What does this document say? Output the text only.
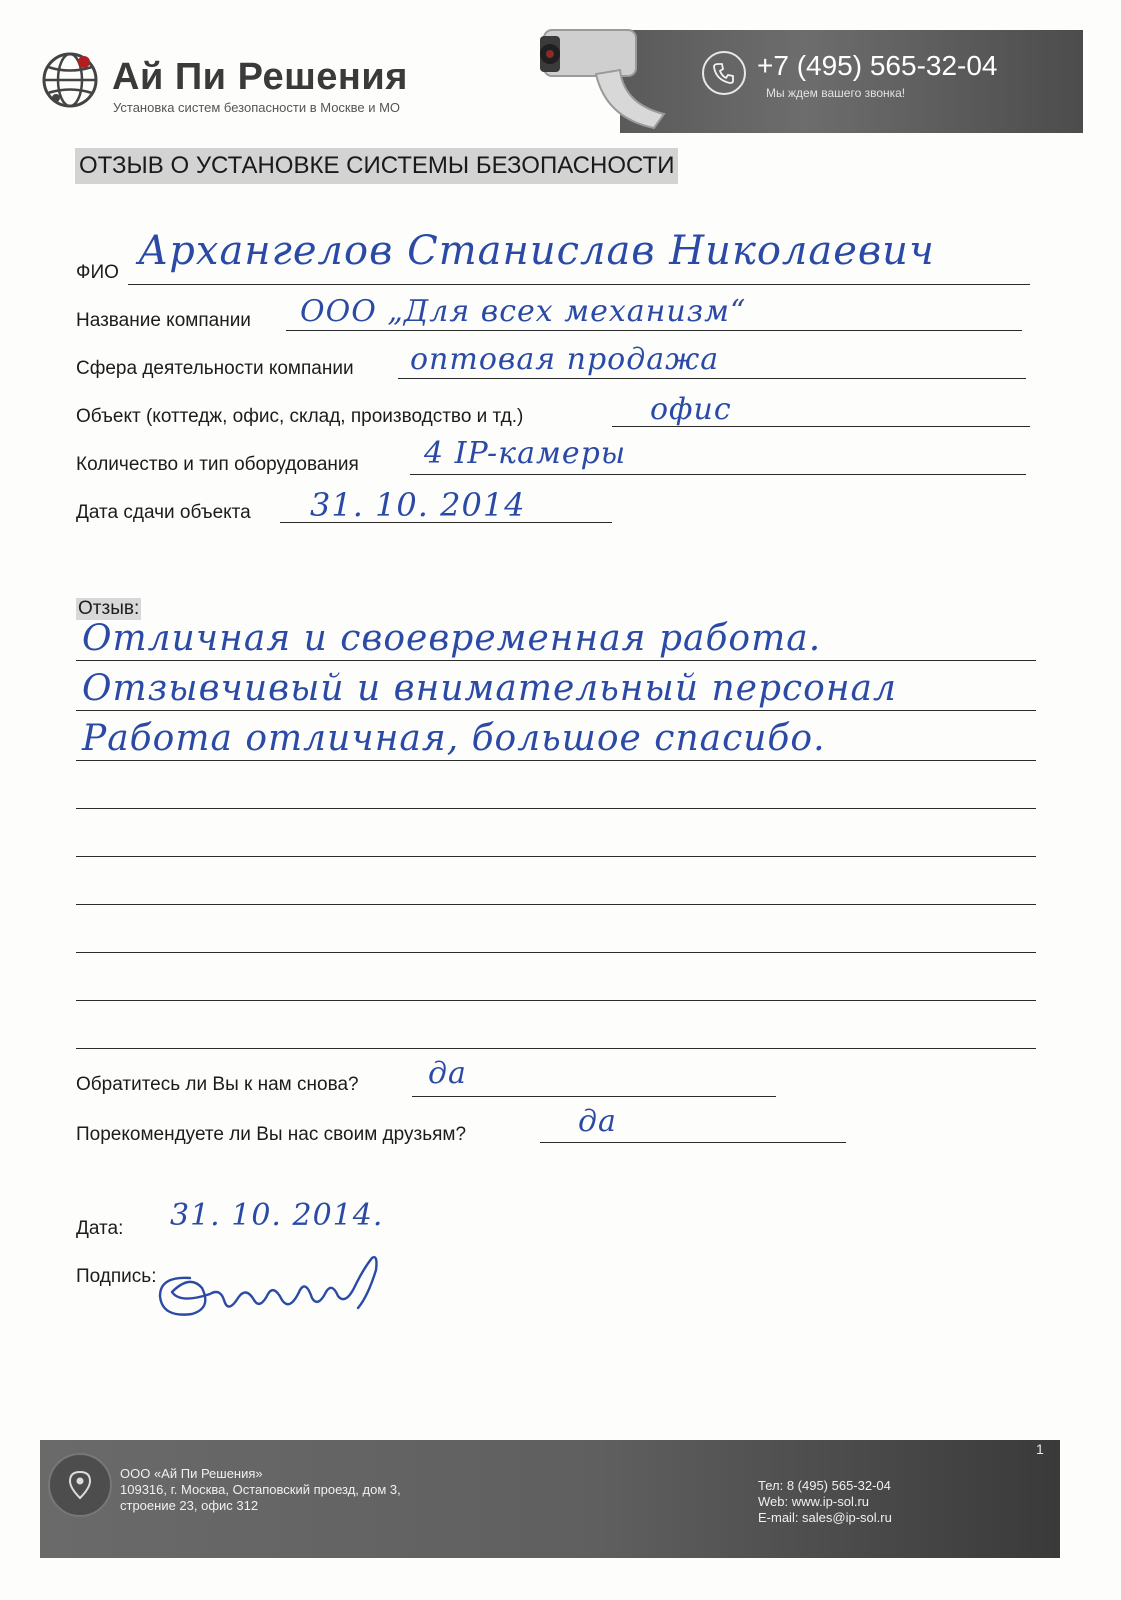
Ай Пи Решения
Установка систем безопасности в Москве и МО
+7 (495) 565-32-04
Мы ждем вашего звонка!
ОТЗЫВ О УСТАНОВКЕ СИСТЕМЫ БЕЗОПАСНОСТИ
ФИО Архангелов Станислав Николаевич
Название компании ООО „Для всех механизм“
Сфера деятельности компании оптовая продажа
Объект (коттедж, офис, склад, производство и тд.)	офис
Количество и тип оборудования 4 IP-камеры
Дата сдачи объекта 31. 10. 2014
Отзыв:
Отличная и своевременная работа.
Отзывчивый и внимательный персонал
Работа отличная, большое спасибо.
Обратитесь ли Вы к нам снова? да
Порекомендуете ли Вы нас своим друзьям?	да
Дата: 31. 10. 2014.
Подпись:
ООО «Ай Пи Решения»
109316, г. Москва, Остаповский проезд, дом 3,
строение 23, офис 312
Тел: 8 (495) 565-32-04
Web: www.ip-sol.ru
E-mail: sales@ip-sol.ru
1
